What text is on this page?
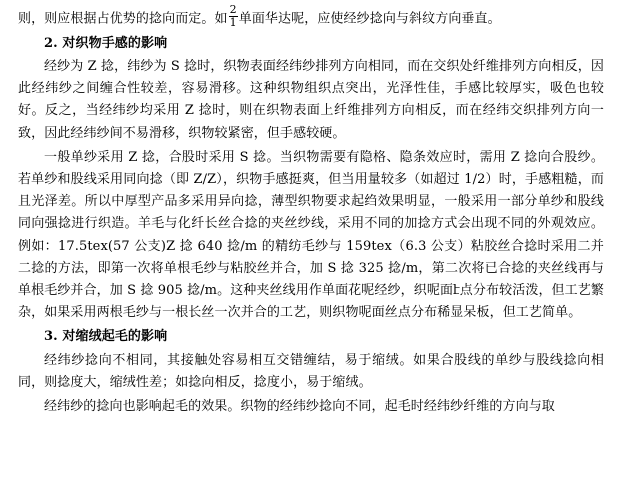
则，则应根据占优势的捻向而定。如 $\frac{2}{1}$ 单面华达呢，应使经纱捻向与斜纹方向垂直。

2. 对织物手感的影响

经纱为 Z 捻，纬纱为 S 捻时，织物表面经纬纱排列方向相同，而在交织处纤维排列方向相反，因此经纬纱之间缠合性较差，容易滑移。这种织物组织点突出，光泽性佳，手感比较厚实，吸色也较好。反之，当经纬纱均采用 Z 捻时，则在织物表面上纤维排列方向相反，而在经纬交织排列方向一致，因此经纬纱间不易滑移，织物较紧密，但手感较硬。

一般单纱采用 Z 捻，合股时采用 S 捻。当织物需要有隐格、隐条效应时，需用 Z 捻向合股纱。若单纱和股线采用同向捻（即 Z/Z），织物手感挺爽，但当用量较多（如超过 1/2）时，手感粗糙，而且光泽差。所以中厚型产品多采用异向捻，薄型织物要求起绉效果明显，一般采用一部分单纱和股线同向强捻进行织造。羊毛与化纤长丝合捻的夹丝纱线，采用不同的加捻方式会出现不同的外观效应。例如：17.5tex(57 公支)Z 捻 640 捻/m 的精纺毛纱与 159tex（6.3 公支）粘胶丝合捻时采用二并二捻的方法，即第一次将单根毛纱与粘胶丝并合，加 S 捻 325 捻/m，第二次将已合捻的夹丝线再与单根毛纱并合，加 S 捻 905 捻/m。这种夹丝线用作单面花呢经纱，织呢面է点分布较活泼，但工艺繁杂，如果采用两根毛纱与一根长丝一次并合的工艺，则织物呢面丝点分布稀显呆板，但工艺简单。

3. 对缩绒起毛的影响

经纬纱捻向不相同，其接触处容易相互交错缠结，易于缩绒。如果合股线的单纱与股线捻向相同，则捻度大，缩绒性差；如捻向相反，捻度小，易于缩绒。

经纬纱的捻向也影响起毛的效果。织物的经纬纱捻向不同，起毛时经纬纱纤维的方向与取
